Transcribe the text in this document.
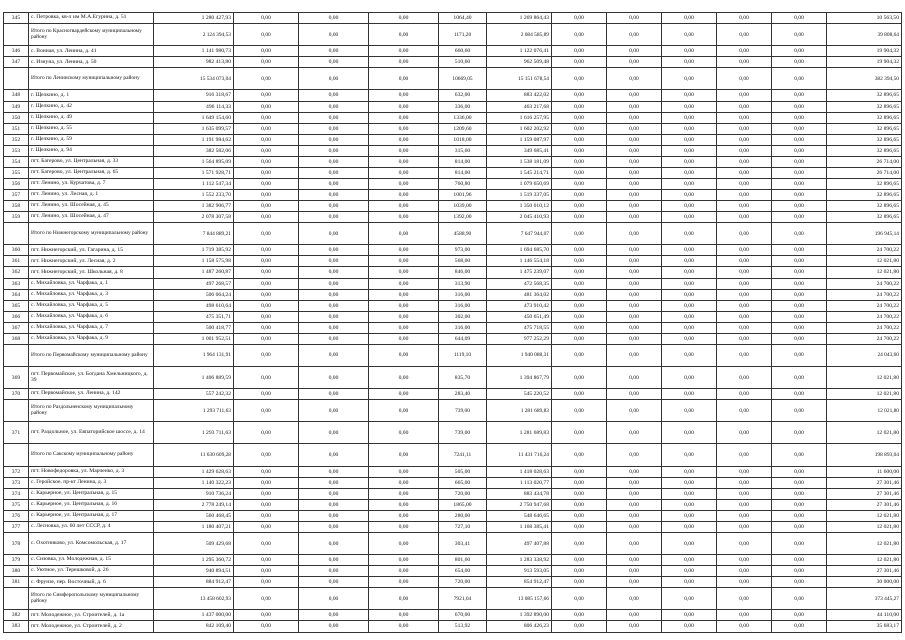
345	с. Петровка, кв-л им М.А.Егурина, д. 51	1 280 427,93	0,00	0,00	0,00	1064,40	1 269 864,43	0,00	0,00	0,00	0,00	0,00	10 563,50
	Итого по Красногвардейскому муниципальному району	2 124 394,53	0,00	0,00	0,00	1171,20	2 084 585,89	0,00	0,00	0,00	0,00	0,00	39 808,64
346	с. Вонная, ул. Ленина, д. 41	1 141 980,73	0,00	0,00	0,00	660,60	1 122 076,41	0,00	0,00	0,00	0,00	0,00	19 904,32
347	с. Изнуна, ул. Ленина, д. 50	982 413,80	0,00	0,00	0,00	510,60	962 509,48	0,00	0,00	0,00	0,00	0,00	19 904,32
	Итого по Ленинскому муниципальному району	15 534 073,04	0,00	0,00	0,00	10669,05	15 151 678,54	0,00	0,00	0,00	0,00	0,00	382 394,50
348	г. Щелкино, д. 1	916 318,67	0,00	0,00	0,00	632,00	883 422,02	0,00	0,00	0,00	0,00	0,00	32 896,65
349	г. Щелкино, д. 42	496 114,33	0,00	0,00	0,00	336,00	463 217,68	0,00	0,00	0,00	0,00	0,00	32 896,65
350	г. Щелкино, д. 49	1 649 154,60	0,00	0,00	0,00	1336,00	1 616 257,95	0,00	0,00	0,00	0,00	0,00	32 896,65
351	г. Щелкино, д. 55	1 635 099,57	0,00	0,00	0,00	1209,60	1 602 202,92	0,00	0,00	0,00	0,00	0,00	32 896,65
352	г. Щелкино, д. 59	1 191 984,62	0,00	0,00	0,00	1018,00	1 159 087,97	0,00	0,00	0,00	0,00	0,00	32 896,65
353	г. Щелкино, д. 94	382 582,06	0,00	0,00	0,00	315,60	349 685,41	0,00	0,00	0,00	0,00	0,00	32 896,65
354	пгт. Багерово, ул. Центральная, д. 33	1 564 895,09	0,00	0,00	0,00	814,00	1 538 181,09	0,00	0,00	0,00	0,00	0,00	26 714,00
355	пгт. Багерово, ул. Центральная, д. 65	1 571 928,71	0,00	0,00	0,00	814,00	1 545 214,71	0,00	0,00	0,00	0,00	0,00	26 714,00
356	пгт. Ленино, ул. Курчатова, д. 7	1 112 547,34	0,00	0,00	0,00	760,80	1 079 650,69	0,00	0,00	0,00	0,00	0,00	32 896,65
357	пгт. Ленино, ул. Лесная, д. 1	1 552 233,70	0,00	0,00	0,00	1001,96	1 519 337,05	0,00	0,00	0,00	0,00	0,00	32 896,65
358	пгт. Ленино, ул. Шосейная, д. 45	1 382 906,77	0,00	0,00	0,00	1039,00	1 350 010,12	0,00	0,00	0,00	0,00	0,00	32 896,65
359	пгт. Ленино, ул. Шосейная, д. 47	2 078 307,58	0,00	0,00	0,00	1392,00	2 045 410,93	0,00	0,00	0,00	0,00	0,00	32 896,65
	Итого по Нижнегорскому муниципальному району	7 844 889,21	0,00	0,00	0,00	4588,90	7 647 944,07	0,00	0,00	0,00	0,00	0,00	196 945,14
360	пгт. Нижнегорский, ул. Гагарина, д. 15	1 719 385,92	0,00	0,00	0,00	973,00	1 694 685,70	0,00	0,00	0,00	0,00	0,00	24 700,22
361	пгт. Нижнегорский, ул. Лесная, д. 2	1 158 575,98	0,00	0,00	0,00	568,00	1 146 554,18	0,00	0,00	0,00	0,00	0,00	12 021,80
362	пгт. Нижнегорский, ул. Школьная, д. 8	1 487 260,87	0,00	0,00	0,00	846,00	1 475 239,07	0,00	0,00	0,00	0,00	0,00	12 021,80
363	с. Михайловка, ул. Чарфака, д. 1	497 268,57	0,00	0,00	0,00	313,90	472 568,35	0,00	0,00	0,00	0,00	0,00	24 700,22
364	с. Михайловка, ул. Чарфака, д. 3	506 064,24	0,00	0,00	0,00	316,00	481 364,02	0,00	0,00	0,00	0,00	0,00	24 700,22
365	с. Михайловка, ул. Чарфака, д. 5	498 610,64	0,00	0,00	0,00	316,00	473 910,42	0,00	0,00	0,00	0,00	0,00	24 700,22
366	с. Михайловка, ул. Чарфака, д. 6	475 351,71	0,00	0,00	0,00	302,00	450 651,49	0,00	0,00	0,00	0,00	0,00	24 700,22
367	с. Михайловка, ул. Чарфака, д. 7	500 418,77	0,00	0,00	0,00	316,00	475 718,55	0,00	0,00	0,00	0,00	0,00	24 700,22
368	с. Михайловка, ул. Чарфака, д. 9	1 001 952,51	0,00	0,00	0,00	644,09	977 252,29	0,00	0,00	0,00	0,00	0,00	24 700,22
	Итого по Первомайскому муниципальному району	1 964 131,91	0,00	0,00	0,00	1119,10	1 940 088,31	0,00	0,00	0,00	0,00	0,00	24 043,60
369	пгт. Первомайское, ул. Богдана Хмельницкого, д. 39	1 406 889,59	0,00	0,00	0,00	835,70	1 394 867,79	0,00	0,00	0,00	0,00	0,00	12 021,80
370	пгт. Первомайское, ул. Ленина, д. 142	557 242,32	0,00	0,00	0,00	283,40	545 220,52	0,00	0,00	0,00	0,00	0,00	12 021,80
	Итого по Раздольненскому муниципальному району	1 293 711,63	0,00	0,00	0,00	739,00	1 281 689,83	0,00	0,00	0,00	0,00	0,00	12 021,80
371	пгт. Раздольное, ул. Евпаторийское шоссе, д. 14	1 293 711,63	0,00	0,00	0,00	739,00	1 281 689,83	0,00	0,00	0,00	0,00	0,00	12 021,80
	Итого по Сакскому муниципальному району	11 630 609,28	0,00	0,00	0,00	7241,11	11 431 716,24	0,00	0,00	0,00	0,00	0,00	198 893,04
372	пгт. Новофедоровка, ул. Марченко, д. 3	1 429 628,63	0,00	0,00	0,00	505,00	1 418 028,63	0,00	0,00	0,00	0,00	0,00	11 600,00
373	с. Геройское, пр-кт Ленина, д. 3	1 140 322,23	0,00	0,00	0,00	665,00	1 113 020,77	0,00	0,00	0,00	0,00	0,00	27 301,46
374	с. Карьерное, ул. Центральная, д. 15	910 736,24	0,00	0,00	0,00	720,00	883 434,78	0,00	0,00	0,00	0,00	0,00	27 301,46
375	с. Карьерное, ул. Центральная, д. 16	2 778 249,14	0,00	0,00	0,00	1865,00	2 750 947,68	0,00	0,00	0,00	0,00	0,00	27 301,46
376	с. Карьерное, ул. Центральная, д. 17	560 468,45	0,00	0,00	0,00	280,00	548 646,65	0,00	0,00	0,00	0,00	0,00	12 021,80
377	с. Лесновка, ул. 60 лет СССР, д. 4	1 180 407,21	0,00	0,00	0,00	727,10	1 168 385,41	0,00	0,00	0,00	0,00	0,00	12 021,80
378	с. Охотниково, ул. Комсомольская, д. 17	509 429,68	0,00	0,00	0,00	303,41	497 407,88	0,00	0,00	0,00	0,00	0,00	12 021,80
379	с. Сизовка, ул. Молодежная, д. 15	1 295 360,72	0,00	0,00	0,00	801,60	1 283 338,92	0,00	0,00	0,00	0,00	0,00	12 021,80
380	с. Уютное, ул. Терешковой, д. 26	940 894,51	0,00	0,00	0,00	654,00	913 593,05	0,00	0,00	0,00	0,00	0,00	27 301,46
381	с. Фрунзе, пер. Восточный, д. 6	884 912,47	0,00	0,00	0,00	720,00	854 912,47	0,00	0,00	0,00	0,00	0,00	30 000,00
	Итого по Симферопольскому муниципальному району	13 458 602,93	0,00	0,00	0,00	7921,04	13 085 157,66	0,00	0,00	0,00	0,00	0,00	373 445,27
382	пгт. Молодежное, ул. Строителей, д. 1а	1 437 000,00	0,00	0,00	0,00	670,00	1 392 890,00	0,00	0,00	0,00	0,00	0,00	44 110,00
383	пгт. Молодежное, ул. Строителей, д. 2	842 109,40	0,00	0,00	0,00	513,92	806 426,23	0,00	0,00	0,00	0,00	0,00	35 683,17
